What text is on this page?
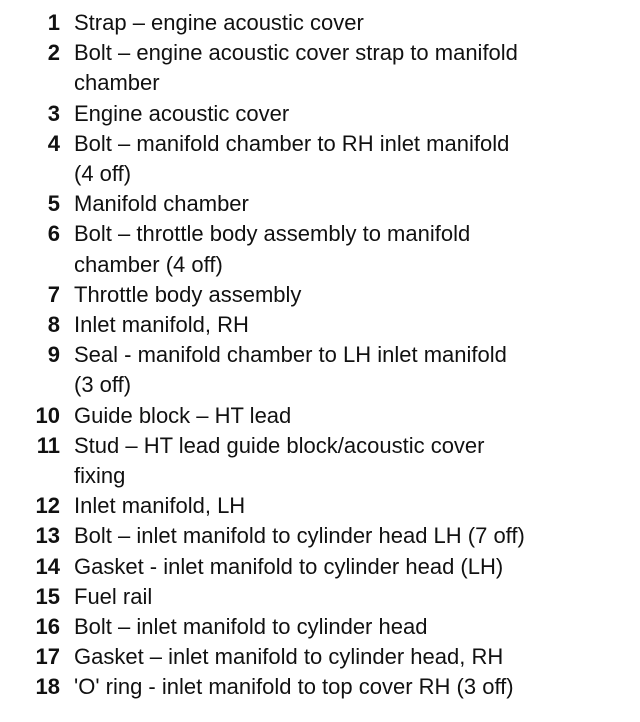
1 Strap – engine acoustic cover
2 Bolt – engine acoustic cover strap to manifold
chamber
3 Engine acoustic cover
4 Bolt – manifold chamber to RH inlet manifold
(4 off)
5 Manifold chamber
6 Bolt – throttle body assembly to manifold
chamber (4 off)
7 Throttle body assembly
8 Inlet manifold, RH
9 Seal - manifold chamber to LH inlet manifold
(3 off)
10 Guide block – HT lead
11 Stud – HT lead guide block/acoustic cover
fixing
12 Inlet manifold, LH
13 Bolt – inlet manifold to cylinder head LH (7 off)
14 Gasket - inlet manifold to cylinder head (LH)
15 Fuel rail
16 Bolt – inlet manifold to cylinder head
17 Gasket – inlet manifold to cylinder head, RH
18 'O' ring - inlet manifold to top cover RH (3 off)
